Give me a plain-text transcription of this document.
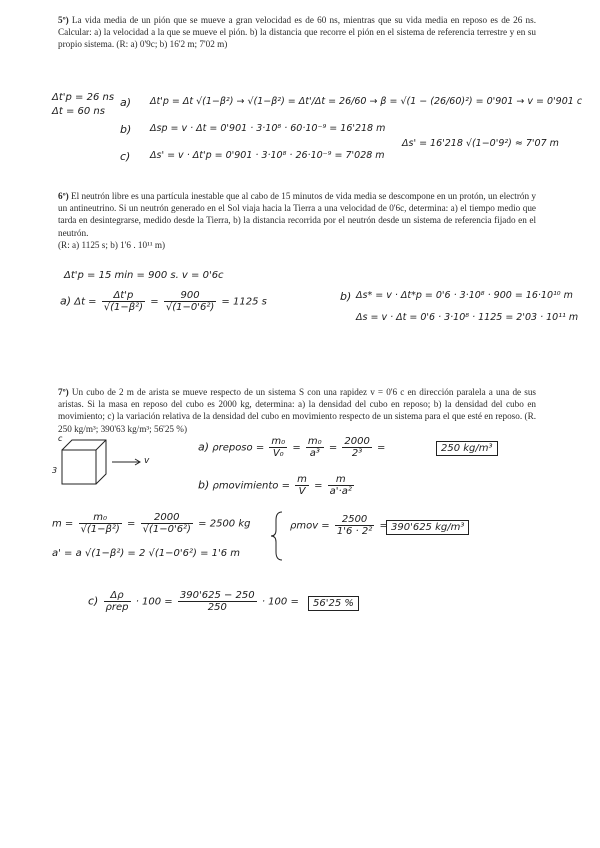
5º) La vida media de un pión que se mueve a gran velocidad es de 60 ns, mientras que su vida media en reposo es de 26 ns. Calcular: a) la velocidad a la que se mueve el pión. b) la distancia que recorre el pión en el sistema de referencia terrestre y en su propio sistema. (R: a) 0'9c; b) 16'2 m; 7'02 m)
Δt'p = 26 ns
Δt = 60 ns
a) Δt'p = Δt √(1−β²) → √(1−β²) = Δt'/Δt = 26/60 → β = √(1 − (26/60)²) = 0'901 → v = 0'901 c
b) Δsp = v · Δt = 0'901 · 3·10⁸ · 60·10⁻⁹ = 16'218 m
c) Δs' = v · Δt'p = 0'901 · 3·10⁸ · 26·10⁻⁹ = 7'028 m
Δs' = 16'218 √(1−0'9²) ≈ 7'07 m
6º) El neutrón libre es una partícula inestable que al cabo de 15 minutos de vida media se descompone en un protón, un electrón y un antineutrino. Si un neutrón generado en el Sol viaja hacia la Tierra a una velocidad de 0'6c, determina: a) el tiempo medio que tarda en desintegrarse, medido desde la Tierra, b) la distancia recorrida por el neutrón desde un sistema de referencia fijado en el neutrón.
(R: a) 1125 s; b) 1'6 . 10¹¹ m)
Δt'p = 15 min = 900 s. v = 0'6c
a) $\Delta t = \frac{\Delta t'p}{\text{√(1−β²)}} = \frac{900}{\text{√(1−0'6²)}} = 1125$ s	b) Δs* = v · Δt*p = 0'6 · 3·10⁸ · 900 = 16·10¹⁰ m
Δs = v · Δt = 0'6 · 3·10⁸ · 1125 = 2'03 · 10¹¹ m
7º) Un cubo de 2 m de arista se mueve respecto de un sistema S con una rapidez v = 0'6 c en dirección paralela a una de sus aristas. Si la masa en reposo del cubo es 2000 kg, determina: a) la densidad del cubo en reposo; b) la densidad del cubo en movimiento; c) la variación relativa de la densidad del cubo en movimiento respecto de un sistema para el que esté en reposo. (R. 250 kg/m³; 390'63 kg/m³; 56'25 %)
c
3
v
a) ρreposo = $\frac{\text{m₀}}{\text{V₀}} = \frac{\text{m₀}}{\text{a³}} = \frac{2000}{\text{2³}}$ =	250 kg/m³
b) ρmovimiento = $\frac{m}{V} = \frac{m}{\text{a'·a²}}$
$m = \frac{\text{m₀}}{\text{√(1−β²)}} = \frac{2000}{\text{√(1−0'6²)}} = 2500$ kg
a' = a √(1−β²) = 2 √(1−0'6²) = 1'6 m
$\rho mov = \frac{2500}{\text{1'6 · 2²}} = 390'625$ kg/m³
$c) \frac{\Delta\rho}{\text{ρrep}} \cdot 100 = \frac{390'625 - 250}{250} \cdot 100$ =	56'25 %
